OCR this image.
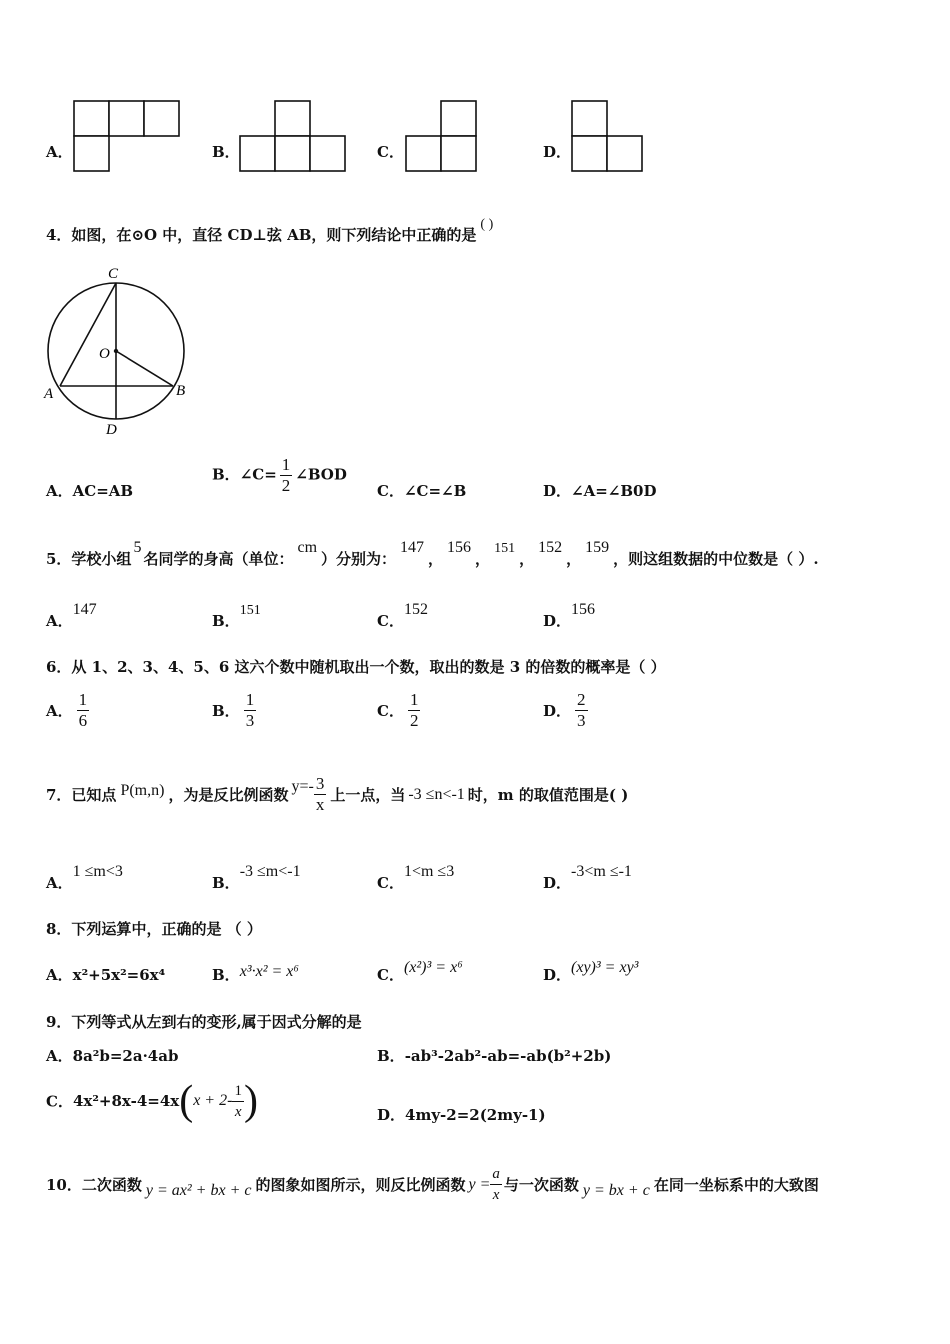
A．	B．	C．	D．
4．如图，在⊙O 中，直径 CD⊥弦 AB，则下列结论中正确的是( )
C
O
A	B
D
A．AC=AB
B．∠C= $\frac{1}{2}$ ∠BOD
C．∠C=∠B	D．∠A=∠B0D
5．学校小组5名同学的身高（单位：cm）分别为：147，156，151，152，159，则这组数据的中位数是（ ）.
A．147
B．151
C．152
D．156
6．从 1、2、3、4、5、6 这六个数中随机取出一个数，取出的数是 3 的倍数的概率是（ ）
A． $\frac{1}{6}$	B． $\frac{1}{3}$	C． $\frac{1}{2}$	D． $\frac{2}{3}$
7．已知点 P(m,n) ，为是反比例函数 $y=- \frac{3}{x}$ 上一点，当 -3 ≤n<-1 时，m 的取值范围是( )
A．1 ≤m<3
B．-3 ≤m<-1
C．1<m ≤3
D．-3<m ≤-1
8．下列运算中，正确的是 （ ）
A．x²+5x²=6x⁴	B．x³·x² = x⁶	C．(x²)³ = x⁶	D．(xy)³ = xy³
9．下列等式从左到右的变形,属于因式分解的是
A．8a²b=2a·4ab	B．-ab³-2ab²-ab=-ab(b²+2b)
C．$4x^2+8x-4=4x(x + 2- \frac{1}{x}$ )	D．4my-2=2(2my-1)
10．二次函数 y = ax² + bx + c 的图象如图所示，则反比例函数 $y = \frac{a}{x}$ 与一次函数 y = bx + c 在同一坐标系中的大致图
